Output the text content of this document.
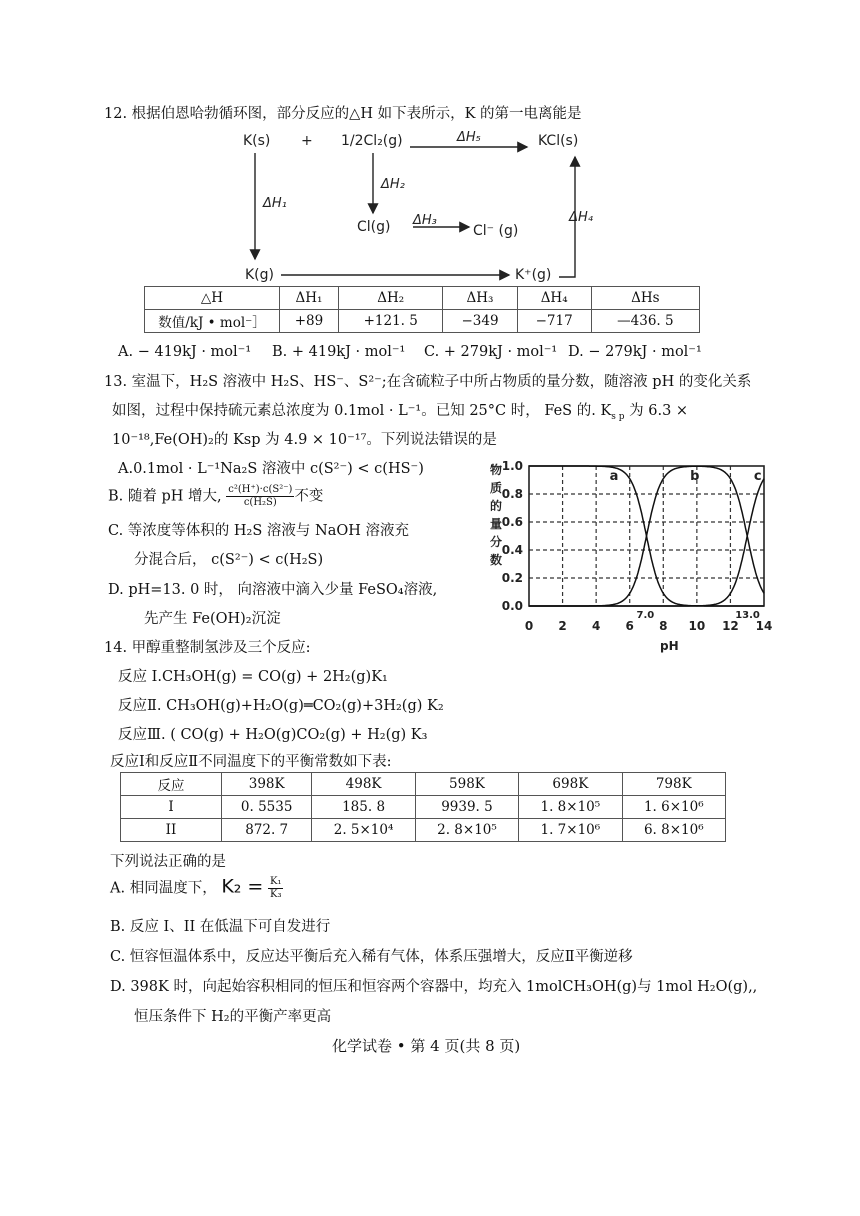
12. 根据伯恩哈勃循环图，部分反应的△H 如下表所示，K 的第一电离能是
K(s) + 1/2Cl₂(g)	KCl(s)
Cl(g)	Cl⁻ (g)
K(g)	K⁺(g)
ΔH₁
ΔH₂
ΔH₃	ΔH₄
ΔH₅
△H	ΔH₁	ΔH₂	ΔH₃	ΔH₄	ΔHs
数值/kJ • mol⁻］	+89	+121. 5	−349	−717	—436. 5
A. − 419kJ · mol⁻¹ B. + 419kJ · mol⁻¹ C. + 279kJ · mol⁻¹ D. − 279kJ · mol⁻¹
13. 室温下，H₂S 溶液中 H₂S、HS⁻、S²⁻;在含硫粒子中所占物质的量分数，随溶液 pH 的变化关系
如图，过程中保持硫元素总浓度为 0.1mol · L⁻¹。已知 25°C 时， FeS 的. $K_{s p}$ 为 6.3 ×
10⁻¹⁸,Fe(OH)₂的 Ksp 为 4.9 × 10⁻¹⁷。下列说法错误的是
A.0.1mol · L⁻¹Na₂S 溶液中 c(S²⁻) < c(HS⁻)
B. 随着 pH 增大, $\frac{\text{c²(H⁺)·c(S²⁻)}}{\text{c(H₂S)}}$ 不变
C. 等浓度等体积的 H₂S 溶液与 NaOH 溶液充
分混合后， c(S²⁻) < c(H₂S)
D. pH=13. 0 时， 向溶液中滴入少量 FeSO₄溶液,
先产生 Fe(OH)₂沉淀	0 2 4 6 8 10 12 14
0.0
0.2
0.4
0.6
0.8
1.0
7.0	13.0
a	b	c
物质的量分数
pH
14. 甲醇重整制氢涉及三个反应:
反应 I.CH₃OH(g) = CO(g) + 2H₂(g)K₁
反应Ⅱ. CH₃OH(g)+H₂O(g)═CO₂(g)+3H₂(g) K₂
反应Ⅲ. ( CO(g) + H₂O(g)CO₂(g) + H₂(g) K₃
反应Ⅰ和反应Ⅱ不同温度下的平衡常数如下表:
反应	398K	498K	598K	698K	798K
I	0. 5535	185. 8	9939. 5	1. 8×10⁵	1. 6×10⁶
II	872. 7	2. 5×10⁴	2. 8×10⁵	1. 7×10⁶	6. 8×10⁶
下列说法正确的是
A. 相同温度下， $K_2 = \frac{\text{K₁}}{\text{K₃}}$
B. 反应 I、II 在低温下可自发进行
C. 恒容恒温体系中，反应达平衡后充入稀有气体，体系压强增大，反应Ⅱ平衡逆移
D. 398K 时，向起始容积相同的恒压和恒容两个容器中，均充入 1molCH₃OH(g)与 1mol H₂O(g),,
恒压条件下 H₂的平衡产率更高
化学试卷 • 第 4 页(共 8 页)
